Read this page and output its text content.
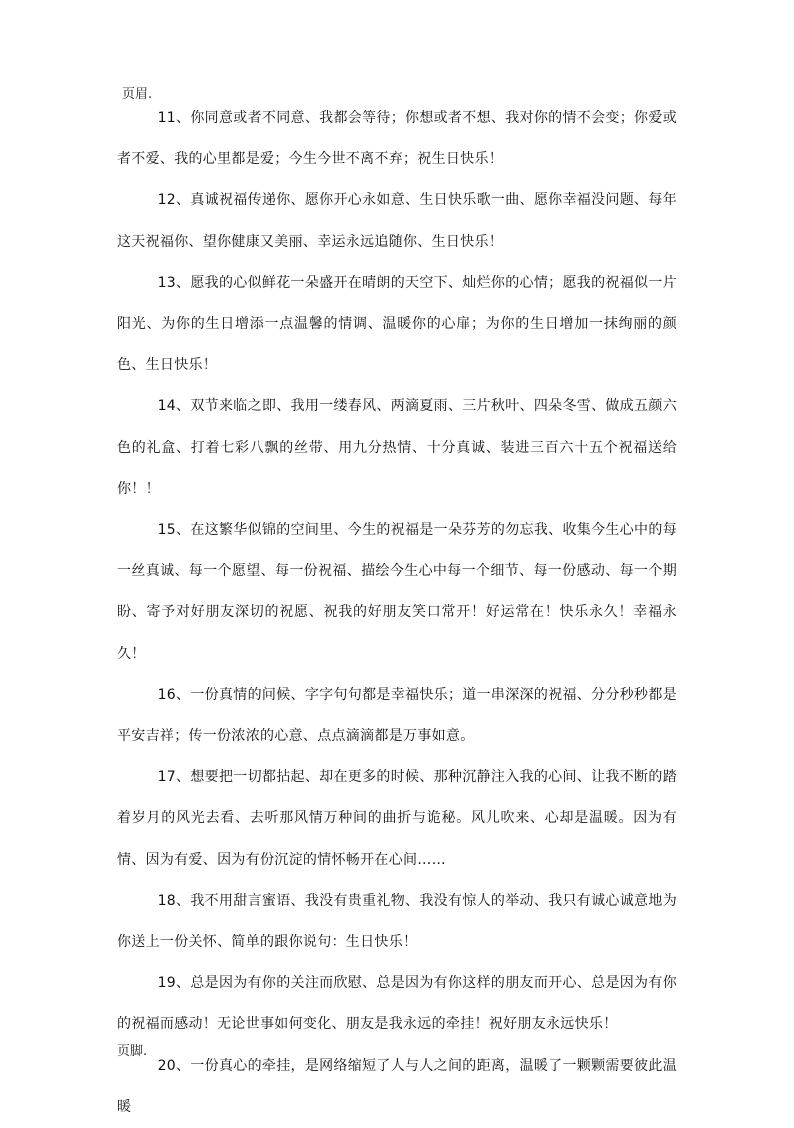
页眉.

11、你同意或者不同意、我都会等待；你想或者不想、我对你的情不会变；你爱或者不爱、我的心里都是爱；今生今世不离不弃；祝生日快乐！

12、真诚祝福传递你、愿你开心永如意、生日快乐歌一曲、愿你幸福没问题、每年这天祝福你、望你健康又美丽、幸运永远追随你、生日快乐！

13、愿我的心似鲜花一朵盛开在晴朗的天空下、灿烂你的心情；愿我的祝福似一片阳光、为你的生日增添一点温馨的情调、温暖你的心扉；为你的生日增加一抹绚丽的颜色、生日快乐！

14、双节来临之即、我用一缕春风、两滴夏雨、三片秋叶、四朵冬雪、做成五颜六色的礼盒、打着七彩八飘的丝带、用九分热情、十分真诚、装进三百六十五个祝福送给你！！

15、在这繁华似锦的空间里、今生的祝福是一朵芬芳的勿忘我、收集今生心中的每一丝真诚、每一个愿望、每一份祝福、描绘今生心中每一个细节、每一份感动、每一个期盼、寄予对好朋友深切的祝愿、祝我的好朋友笑口常开！好运常在！快乐永久！幸福永久！

16、一份真情的问候、字字句句都是幸福快乐；道一串深深的祝福、分分秒秒都是平安吉祥；传一份浓浓的心意、点点滴滴都是万事如意。

17、想要把一切都拈起、却在更多的时候、那种沉静注入我的心间、让我不断的踏着岁月的风光去看、去听那风情万种间的曲折与诡秘。风儿吹来、心却是温暖。因为有情、因为有爱、因为有份沉淀的情怀畅开在心间……

18、我不用甜言蜜语、我没有贵重礼物、我没有惊人的举动、我只有诚心诚意地为你送上一份关怀、简单的跟你说句：生日快乐！

19、总是因为有你的关注而欣慰、总是因为有你这样的朋友而开心、总是因为有你的祝福而感动！无论世事如何变化、朋友是我永远的牵挂！祝好朋友永远快乐！

20、一份真心的牵挂，是网络缩短了人与人之间的距离，温暖了一颗颗需要彼此温暖

页脚.
